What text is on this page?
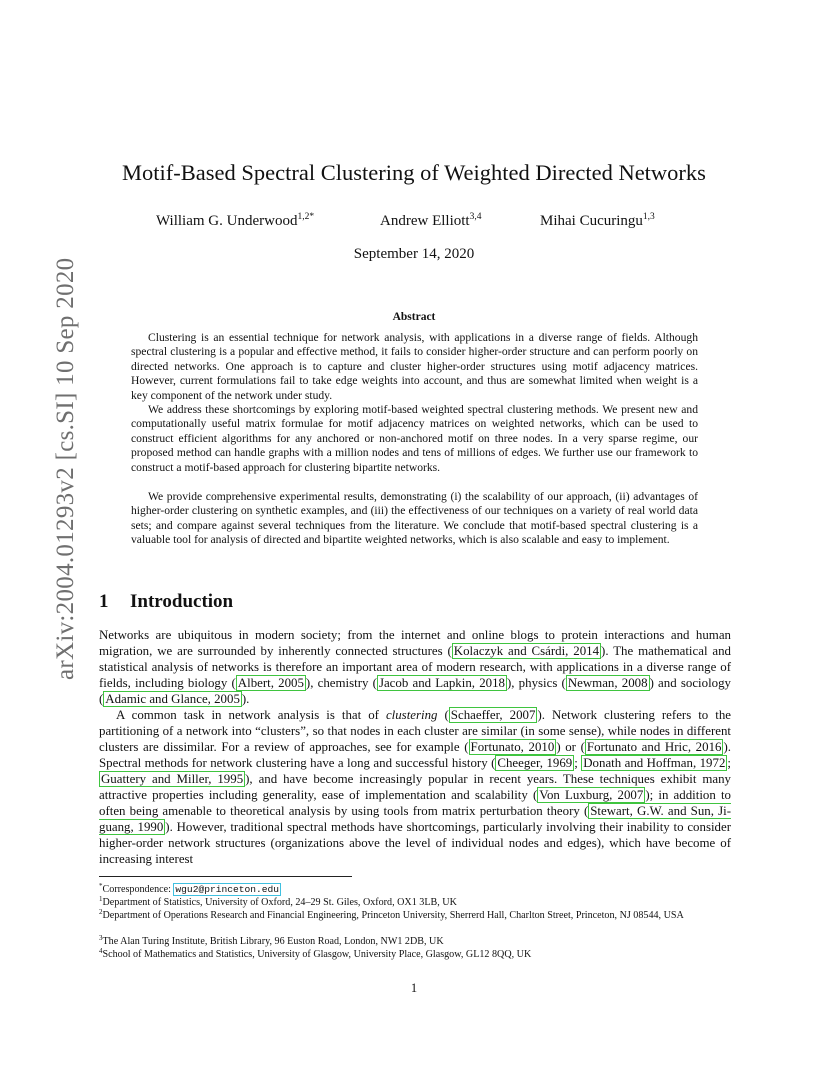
arXiv:2004.01293v2 [cs.SI] 10 Sep 2020
Motif-Based Spectral Clustering of Weighted Directed Networks
William G. Underwood$^{1,2*}$	Andrew Elliott$^{3,4}$	Mihai Cucuringu$^{1,3}$
September 14, 2020
Abstract
Clustering is an essential technique for network analysis, with applications in a diverse range of fields. Although spectral clustering is a popular and effective method, it fails to consider higher-order structure and can perform poorly on directed networks. One approach is to capture and cluster higher-order structures using motif adjacency matrices. However, current formulations fail to take edge weights into account, and thus are somewhat limited when weight is a key component of the network under study.
We address these shortcomings by exploring motif-based weighted spectral clustering methods. We present new and computationally useful matrix formulae for motif adjacency matrices on weighted networks, which can be used to construct efficient algorithms for any anchored or non-anchored motif on three nodes. In a very sparse regime, our proposed method can handle graphs with a million nodes and tens of millions of edges. We further use our framework to construct a motif-based approach for clustering bipartite networks.
We provide comprehensive experimental results, demonstrating (i) the scalability of our approach, (ii) advantages of higher-order clustering on synthetic examples, and (iii) the effectiveness of our techniques on a variety of real world data sets; and compare against several techniques from the literature. We conclude that motif-based spectral clustering is a valuable tool for analysis of directed and bipartite weighted networks, which is also scalable and easy to implement.
1 Introduction
Networks are ubiquitous in modern society; from the internet and online blogs to protein interactions and human migration, we are surrounded by inherently connected structures ( Kolaczyk and Csárdi, 2014 ). The mathematical and statistical analysis of networks is therefore an important area of modern research, with applications in a diverse range of fields, including biology ( Albert, 2005 ), chemistry ( Jacob and Lapkin, 2018 ), physics ( Newman, 2008 ) and sociology ( Adamic and Glance, 2005 ).
A common task in network analysis is that of clustering ( Schaeffer, 2007 ). Network clustering refers to the partitioning of a network into “clusters”, so that nodes in each cluster are similar (in some sense), while nodes in different clusters are dissimilar. For a review of approaches, see for example ( Fortunato, 2010 ) or ( Fortunato and Hric, 2016 ). Spectral methods for network clustering have a long and successful history ( Cheeger, 1969 ; Donath and Hoffman, 1972 ; Guattery and Miller, 1995 ), and have become increasingly popular in recent years. These techniques exhibit many attractive properties including generality, ease of implementation and scalability ( Von Luxburg, 2007 ); in addition to often being amenable to theoretical analysis by using tools from matrix perturbation theory ( Stewart, G.W. and Sun, Ji-guang, 1990 ). However, traditional spectral methods have shortcomings, particularly involving their inability to consider higher-order network structures (organizations above the level of individual nodes and edges), which have become of increasing interest
*Correspondence: wgu2@princeton.edu
$^1$Department of Statistics, University of Oxford, 24–29 St. Giles, Oxford, OX1 3LB, UK
$^2$Department of Operations Research and Financial Engineering, Princeton University, Sherrerd Hall, Charlton Street, Princeton, NJ 08544, USA
$^3$The Alan Turing Institute, British Library, 96 Euston Road, London, NW1 2DB, UK
$^4$School of Mathematics and Statistics, University of Glasgow, University Place, Glasgow, GL12 8QQ, UK
1
